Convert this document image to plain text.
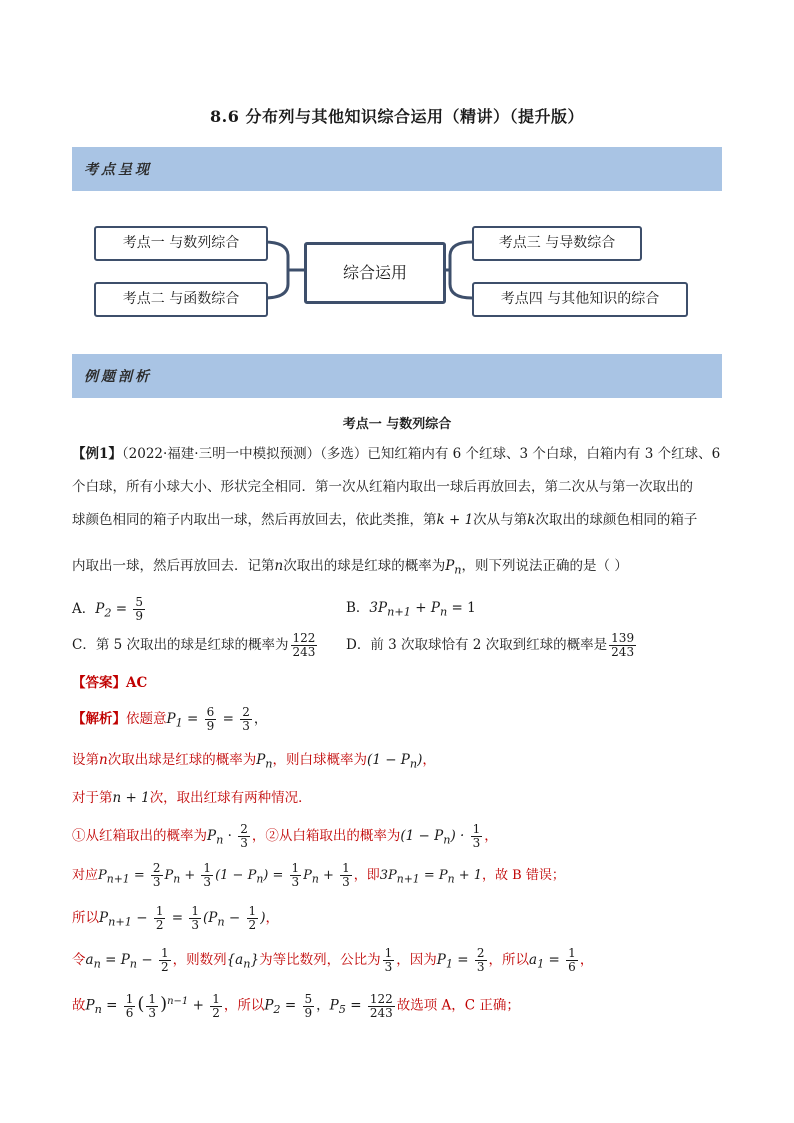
8.6 分布列与其他知识综合运用（精讲）（提升版）
考点呈现
考点一 与数列综合
考点二 与函数综合
综合运用
考点三 与导数综合
考点四 与其他知识的综合
例题剖析
考点一 与数列综合
【例1】（2022·福建·三明一中模拟预测）（多选）已知红箱内有 6 个红球、3 个白球，白箱内有 3 个红球、6
个白球，所有小球大小、形状完全相同．第一次从红箱内取出一球后再放回去，第二次从与第一次取出的
球颜色相同的箱子内取出一球，然后再放回去，依此类推，第k + 1次从与第k次取出的球颜色相同的箱子
内取出一球，然后再放回去．记第n次取出的球是红球的概率为$P_n$，则下列说法正确的是（ ）
A．$P_2 = \frac{5}{9}$	B．$3P_{n+1} + P_n = 1$
C．第 5 次取出的球是红球的概率为 $\frac{122}{243}$ D．前 3 次取球恰有 2 次取到红球的概率是 $\frac{139}{243}$
【答案】AC
【解析】依题意$P_1 = \frac{6}{9} = \frac{2}{3}$ ，
设第n次取出球是红球的概率为$P_n$，则白球概率为$(1 - P_n)$，
对于第n + 1次，取出红球有两种情况．
①从红箱取出的概率为$P_n \cdot \frac{2}{3}$ ，②从白箱取出的概率为$(1 - P_n) \cdot \frac{1}{3}$ ，
对应$P_{n+1} = \frac{2}{3} P_n + \frac{1}{3} (1 - P_n) = \frac{1}{3} P_n + \frac{1}{3}$ ，即$3P_{n+1} = P_n + 1$，故 B 错误；
所以$P_{n+1} - \frac{1}{2} = \frac{1}{3} (P_n - \frac{1}{2}$ )，
令$a_n = P_n - \frac{1}{2}$ ，则数列$\{a_n\}$为等比数列，公比为 $\frac{1}{3}$ ，因为$P_1 = \frac{2}{3}$ ，所以$a_1 = \frac{1}{6}$ ，
故$P_n = \frac{1}{6}$ ( $\frac{1}{3} )^{n-1} + \frac{1}{2}$ ，所以$P_2 = \frac{5}{9}$ ，$P_5 = \frac{122}{243}$ 故选项 A，C 正确；
